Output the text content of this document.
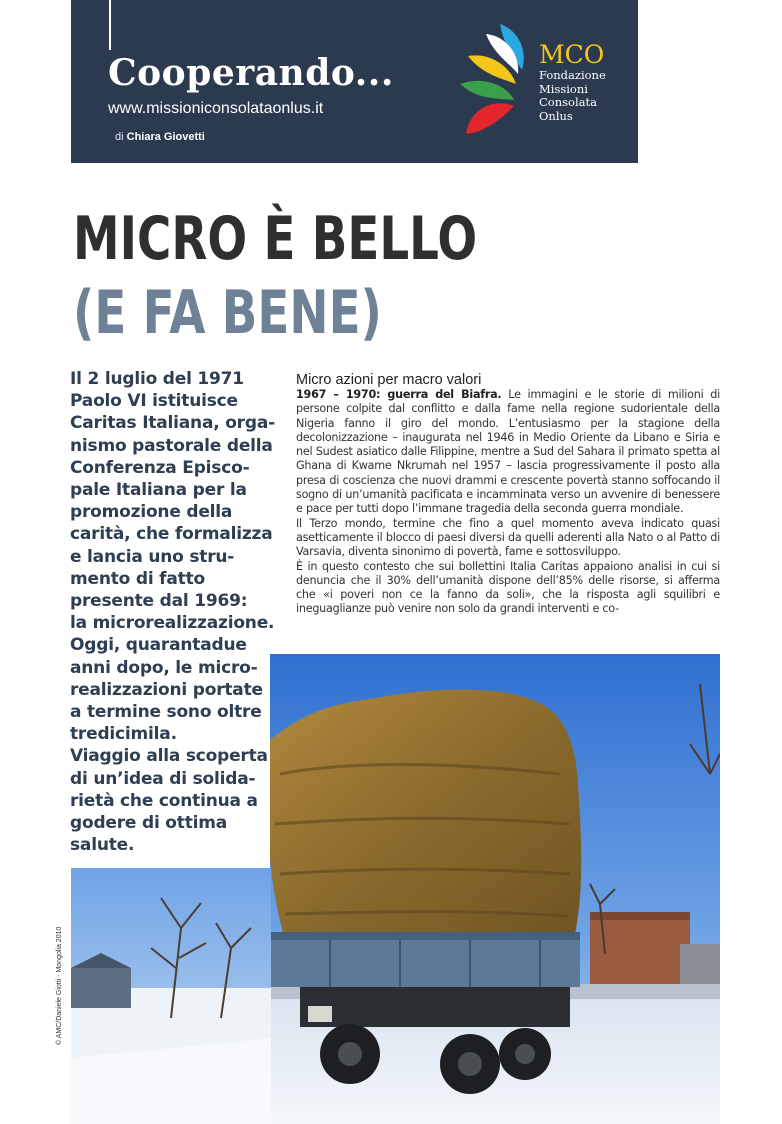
Cooperando...
www.missioniconsolataonlus.it
di Chiara Giovetti
MCO
Fondazione
Missioni
Consolata
Onlus
MICRO È BELLO
(E FA BENE)
Il 2 luglio del 1971
Paolo VI istituisce
Caritas Italiana, orga-
nismo pastorale della
Conferenza Episco-
pale Italiana per la
promozione della
carità, che formalizza
e lancia uno stru-
mento di fatto
presente dal 1969:
la microrealizzazione.
Oggi, quarantadue
anni dopo, le micro-
realizzazioni portate
a termine sono oltre
tredicimila.
Viaggio alla scoperta
di un’idea di solida-
rietà che continua a
godere di ottima
salute.
Micro azioni per macro valori

1967 – 1970: guerra del Biafra. Le immagini e le storie di milioni di persone colpite dal conflitto e dalla fame nella regione sudorientale della Nigeria fanno il giro del mondo. L’entusiasmo per la stagione della decolonizzazione – inaugurata nel 1946 in Medio Oriente da Libano e Siria e nel Sudest asiatico dalle Filippine, mentre a Sud del Sahara il primato spetta al Ghana di Kwame Nkrumah nel 1957 – lascia progressivamente il posto alla presa di coscienza che nuovi drammi e crescente povertà stanno soffocando il sogno di un’umanità pacificata e incamminata verso un avvenire di benessere e pace per tutti dopo l’immane tragedia della seconda guerra mondiale.

Il Terzo mondo, termine che fino a quel momento aveva indicato quasi asetticamente il blocco di paesi diversi da quelli aderenti alla Nato o al Patto di Varsavia, diventa sinonimo di povertà, fame e sottosviluppo.

È in questo contesto che sui bollettini Italia Caritas appaiono analisi in cui si denuncia che il 30% dell’umanità dispone dell’85% delle risorse, si afferma che «i poveri non ce la fanno da soli», che la risposta agli squilibri e ineguaglianze può venire non solo da grandi interventi e co-

© AMC/Daniele Giotti - Mongolia 2010
